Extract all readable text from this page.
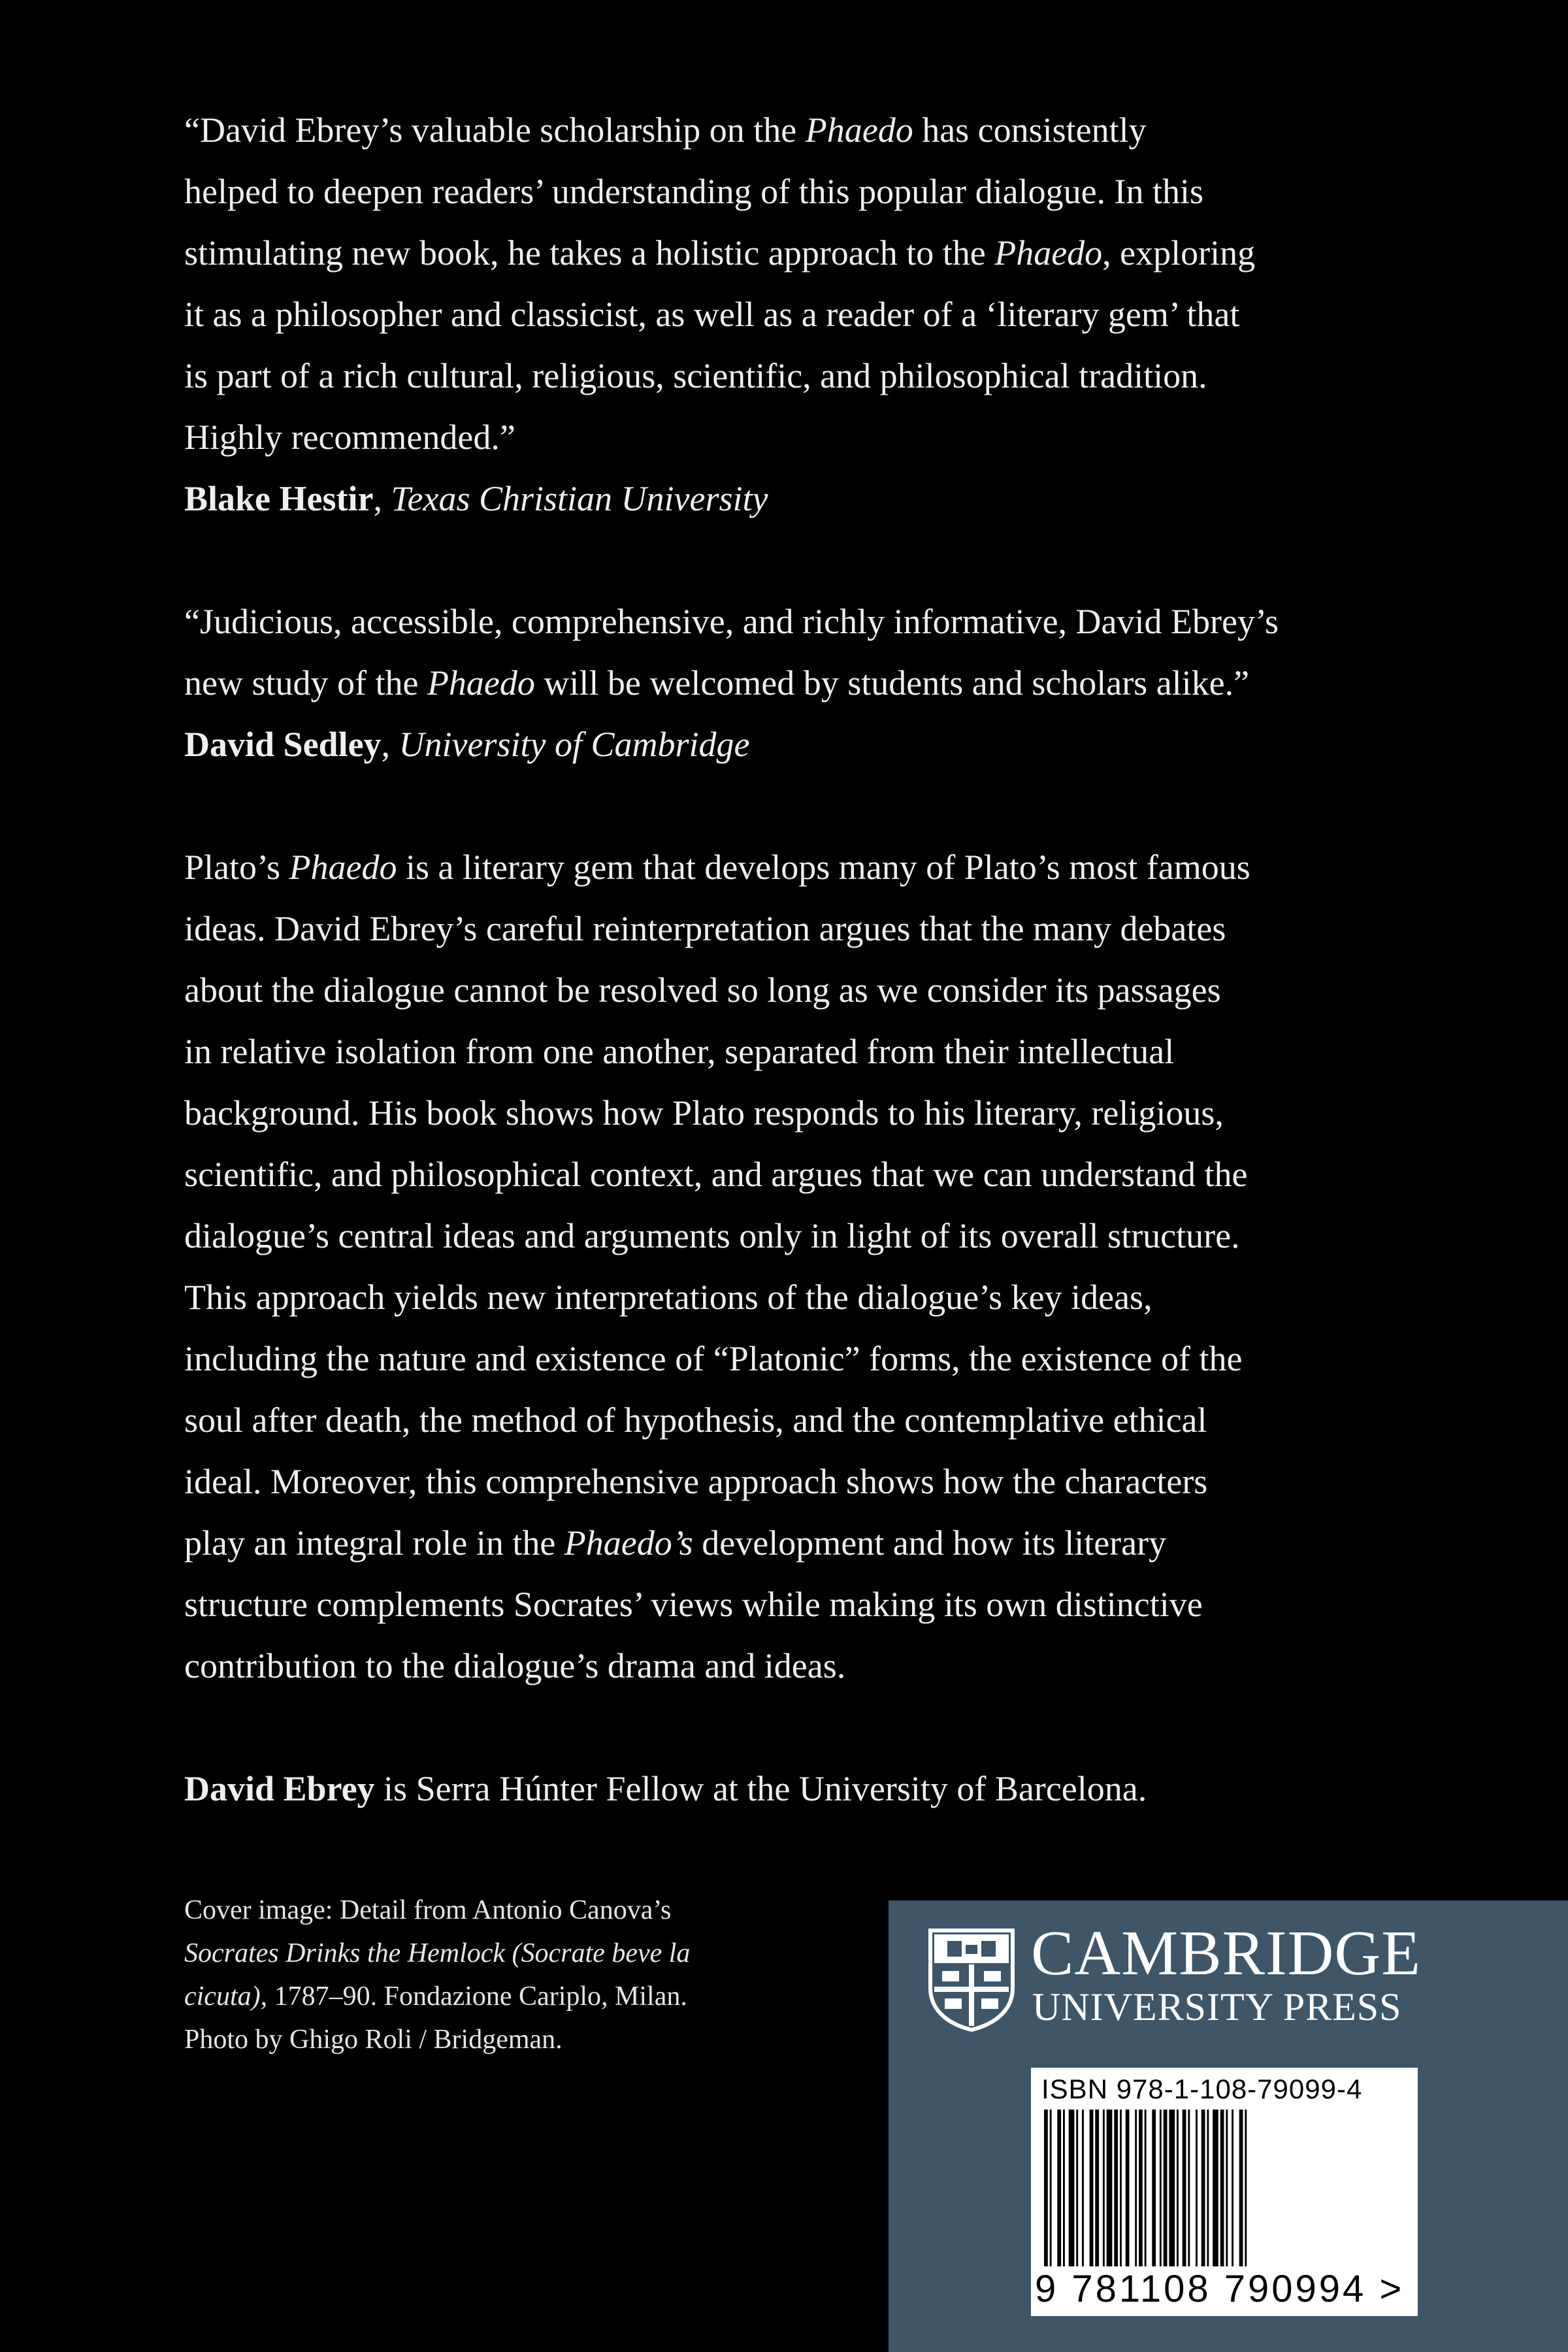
“David Ebrey’s valuable scholarship on the Phaedo has consistently

helped to deepen readers’ understanding of this popular dialogue. In this

stimulating new book, he takes a holistic approach to the Phaedo, exploring

it as a philosopher and classicist, as well as a reader of a ‘literary gem’ that

is part of a rich cultural, religious, scientific, and philosophical tradition.

Highly recommended.”

Blake Hestir, Texas Christian University

“Judicious, accessible, comprehensive, and richly informative, David Ebrey’s

new study of the Phaedo will be welcomed by students and scholars alike.”

David Sedley, University of Cambridge

Plato’s Phaedo is a literary gem that develops many of Plato’s most famous

ideas. David Ebrey’s careful reinterpretation argues that the many debates

about the dialogue cannot be resolved so long as we consider its passages

in relative isolation from one another, separated from their intellectual

background. His book shows how Plato responds to his literary, religious,

scientific, and philosophical context, and argues that we can understand the

dialogue’s central ideas and arguments only in light of its overall structure.

This approach yields new interpretations of the dialogue’s key ideas,

including the nature and existence of “Platonic” forms, the existence of the

soul after death, the method of hypothesis, and the contemplative ethical

ideal. Moreover, this comprehensive approach shows how the characters

play an integral role in the Phaedo’s development and how its literary

structure complements Socrates’ views while making its own distinctive

contribution to the dialogue’s drama and ideas.

David Ebrey is Serra Húnter Fellow at the University of Barcelona.

Cover image: Detail from Antonio Canova’s

Socrates Drinks the Hemlock (Socrate beve la

cicuta), 1787–90. Fondazione Cariplo, Milan.

Photo by Ghigo Roli / Bridgeman.

CAMBRIDGE
UNIVERSITY PRESS
ISBN 978-1-108-79099-4
9 781108 790994 >
